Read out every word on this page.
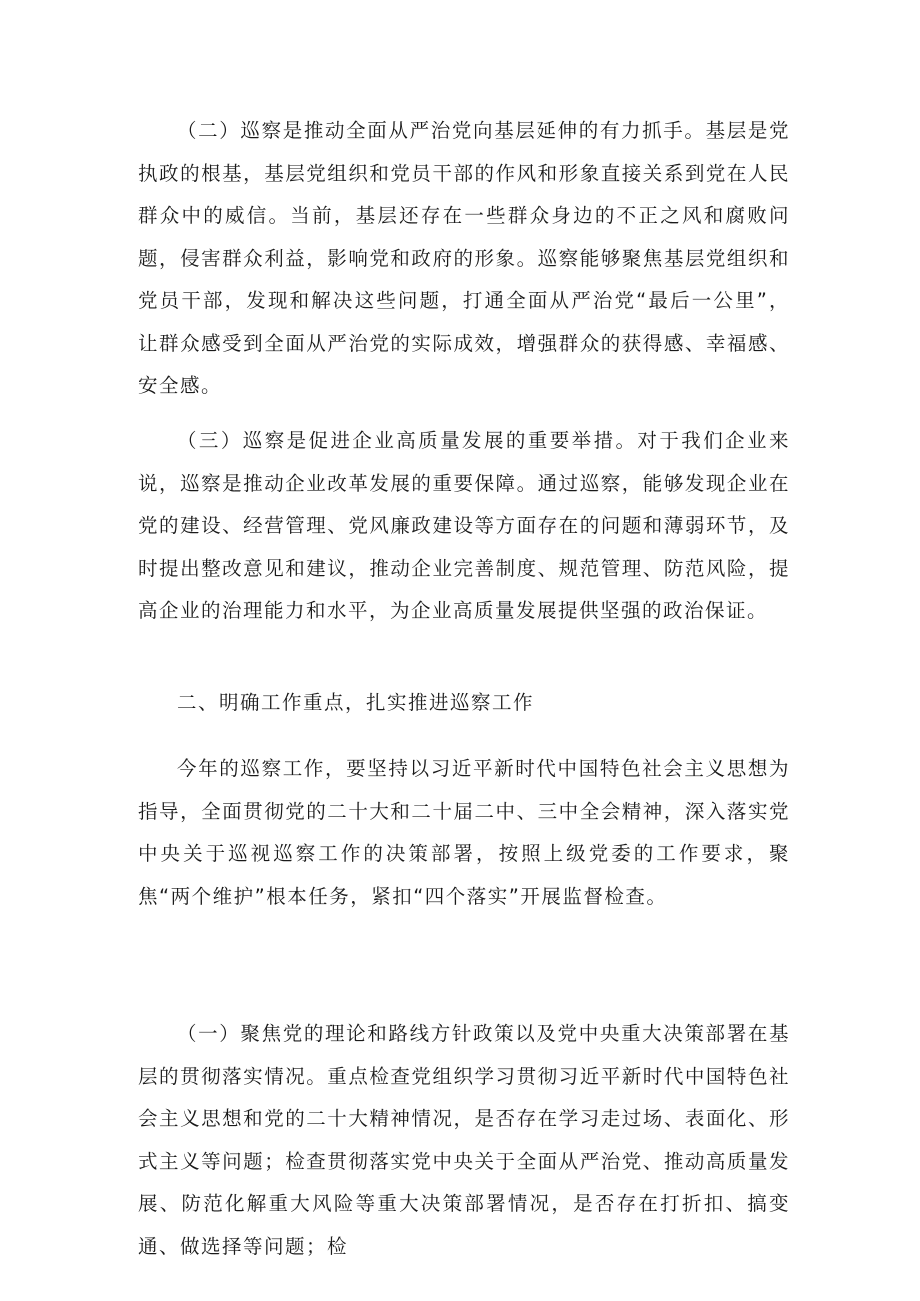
（二）巡察是推动全面从严治党向基层延伸的有力抓手。基层是党执政的根基，基层党组织和党员干部的作风和形象直接关系到党在人民群众中的威信。当前，基层还存在一些群众身边的不正之风和腐败问题，侵害群众利益，影响党和政府的形象。巡察能够聚焦基层党组织和党员干部，发现和解决这些问题，打通全面从严治党“最后一公里”，让群众感受到全面从严治党的实际成效，增强群众的获得感、幸福感、安全感。

（三）巡察是促进企业高质量发展的重要举措。对于我们企业来说，巡察是推动企业改革发展的重要保障。通过巡察，能够发现企业在党的建设、经营管理、党风廉政建设等方面存在的问题和薄弱环节，及时提出整改意见和建议，推动企业完善制度、规范管理、防范风险，提高企业的治理能力和水平，为企业高质量发展提供坚强的政治保证。

二、明确工作重点，扎实推进巡察工作

今年的巡察工作，要坚持以习近平新时代中国特色社会主义思想为指导，全面贯彻党的二十大和二十届二中、三中全会精神，深入落实党中央关于巡视巡察工作的决策部署，按照上级党委的工作要求，聚焦“两个维护”根本任务，紧扣“四个落实”开展监督检查。

（一）聚焦党的理论和路线方针政策以及党中央重大决策部署在基层的贯彻落实情况。重点检查党组织学习贯彻习近平新时代中国特色社会主义思想和党的二十大精神情况，是否存在学习走过场、表面化、形式主义等问题；检查贯彻落实党中央关于全面从严治党、推动高质量发展、防范化解重大风险等重大决策部署情况，是否存在打折扣、搞变通、做选择等问题；检
